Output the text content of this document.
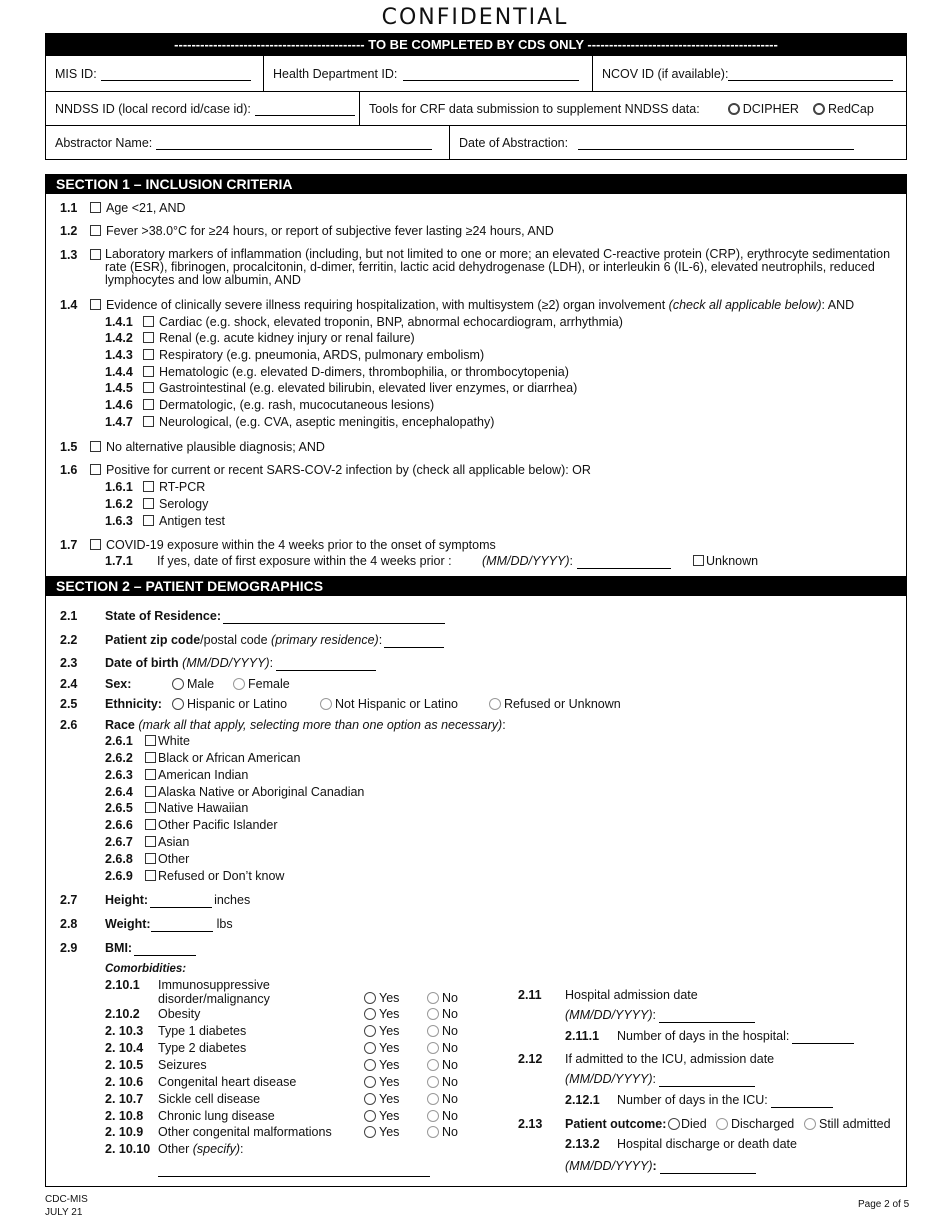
CONFIDENTIAL
-------------------------------------------- TO BE COMPLETED BY CDS ONLY --------------------------------------------
MIS ID:	Health Department ID:	NCOV ID (if available):
NNDSS ID (local record id/case id):	Tools for CRF data submission to supplement NNDSS data:	DCIPHER	RedCap
Abstractor Name:	Date of Abstraction:
SECTION 1 – INCLUSION CRITERIA
1.1	Age <21, AND
1.2	Fever >38.0°C for ≥24 hours, or report of subjective fever lasting ≥24 hours, AND
1.3 Laboratory markers of inflammation (including, but not limited to one or more; an elevated C-reactive protein (CRP), erythrocyte sedimentation rate (ESR), fibrinogen, procalcitonin, d-dimer, ferritin, lactic acid dehydrogenase (LDH), or interleukin 6 (IL-6), elevated neutrophils, reduced lymphocytes and low albumin, AND
1.4	Evidence of clinically severe illness requiring hospitalization, with multisystem (≥2) organ involvement (check all applicable below): AND
1.4.1	Cardiac (e.g. shock, elevated troponin, BNP, abnormal echocardiogram, arrhythmia)
1.4.2	Renal (e.g. acute kidney injury or renal failure)
1.4.3	Respiratory (e.g. pneumonia, ARDS, pulmonary embolism)
1.4.4	Hematologic (e.g. elevated D-dimers, thrombophilia, or thrombocytopenia)
1.4.5	Gastrointestinal (e.g. elevated bilirubin, elevated liver enzymes, or diarrhea)
1.4.6	Dermatologic, (e.g. rash, mucocutaneous lesions)
1.4.7	Neurological, (e.g. CVA, aseptic meningitis, encephalopathy)
1.5	No alternative plausible diagnosis; AND
1.6	Positive for current or recent SARS-COV-2 infection by (check all applicable below): OR
1.6.1	RT-PCR
1.6.2	Serology
1.6.3	Antigen test
1.7	COVID-19 exposure within the 4 weeks prior to the onset of symptoms
1.7.1 If yes, date of first exposure within the 4 weeks prior : (MM/DD/YYYY):	Unknown
SECTION 2 – PATIENT DEMOGRAPHICS
2.1 State of Residence:
2.2 Patient zip code/postal code (primary residence):
2.3 Date of birth (MM/DD/YYYY):
2.4 Sex:	Male	Female
2.5 Ethnicity:	Hispanic or Latino	Not Hispanic or Latino	Refused or Unknown
2.6 Race (mark all that apply, selecting more than one option as necessary):
2.6.1	White
2.6.2	Black or African American
2.6.3	American Indian
2.6.4	Alaska Native or Aboriginal Canadian
2.6.5	Native Hawaiian
2.6.6	Other Pacific Islander
2.6.7	Asian
2.6.8	Other
2.6.9	Refused or Don’t know
2.7 Height:	inches
2.8 Weight:	lbs
2.9 BMI:
Comorbidities:
2.10.1 Immunosuppressive disorder/malignancy	Yes	No
2.10.2 Obesity	Yes	No
2. 10.3 Type 1 diabetes	Yes	No
2. 10.4 Type 2 diabetes	Yes	No
2. 10.5 Seizures	Yes	No
2. 10.6 Congenital heart disease	Yes	No
2. 10.7 Sickle cell disease	Yes	No
2. 10.8 Chronic lung disease	Yes	No
2. 10.9 Other congenital malformations	Yes	No
2. 10.10 Other (specify):
2.11 Hospital admission date
(MM/DD/YYYY):
2.11.1 Number of days in the hospital:
2.12 If admitted to the ICU, admission date
(MM/DD/YYYY):
2.12.1 Number of days in the ICU:
2.13 Patient outcome:	Died	Discharged	Still admitted
2.13.2 Hospital discharge or death date
(MM/DD/YYYY):
CDC-MIS
JULY 21
Page 2 of 5
